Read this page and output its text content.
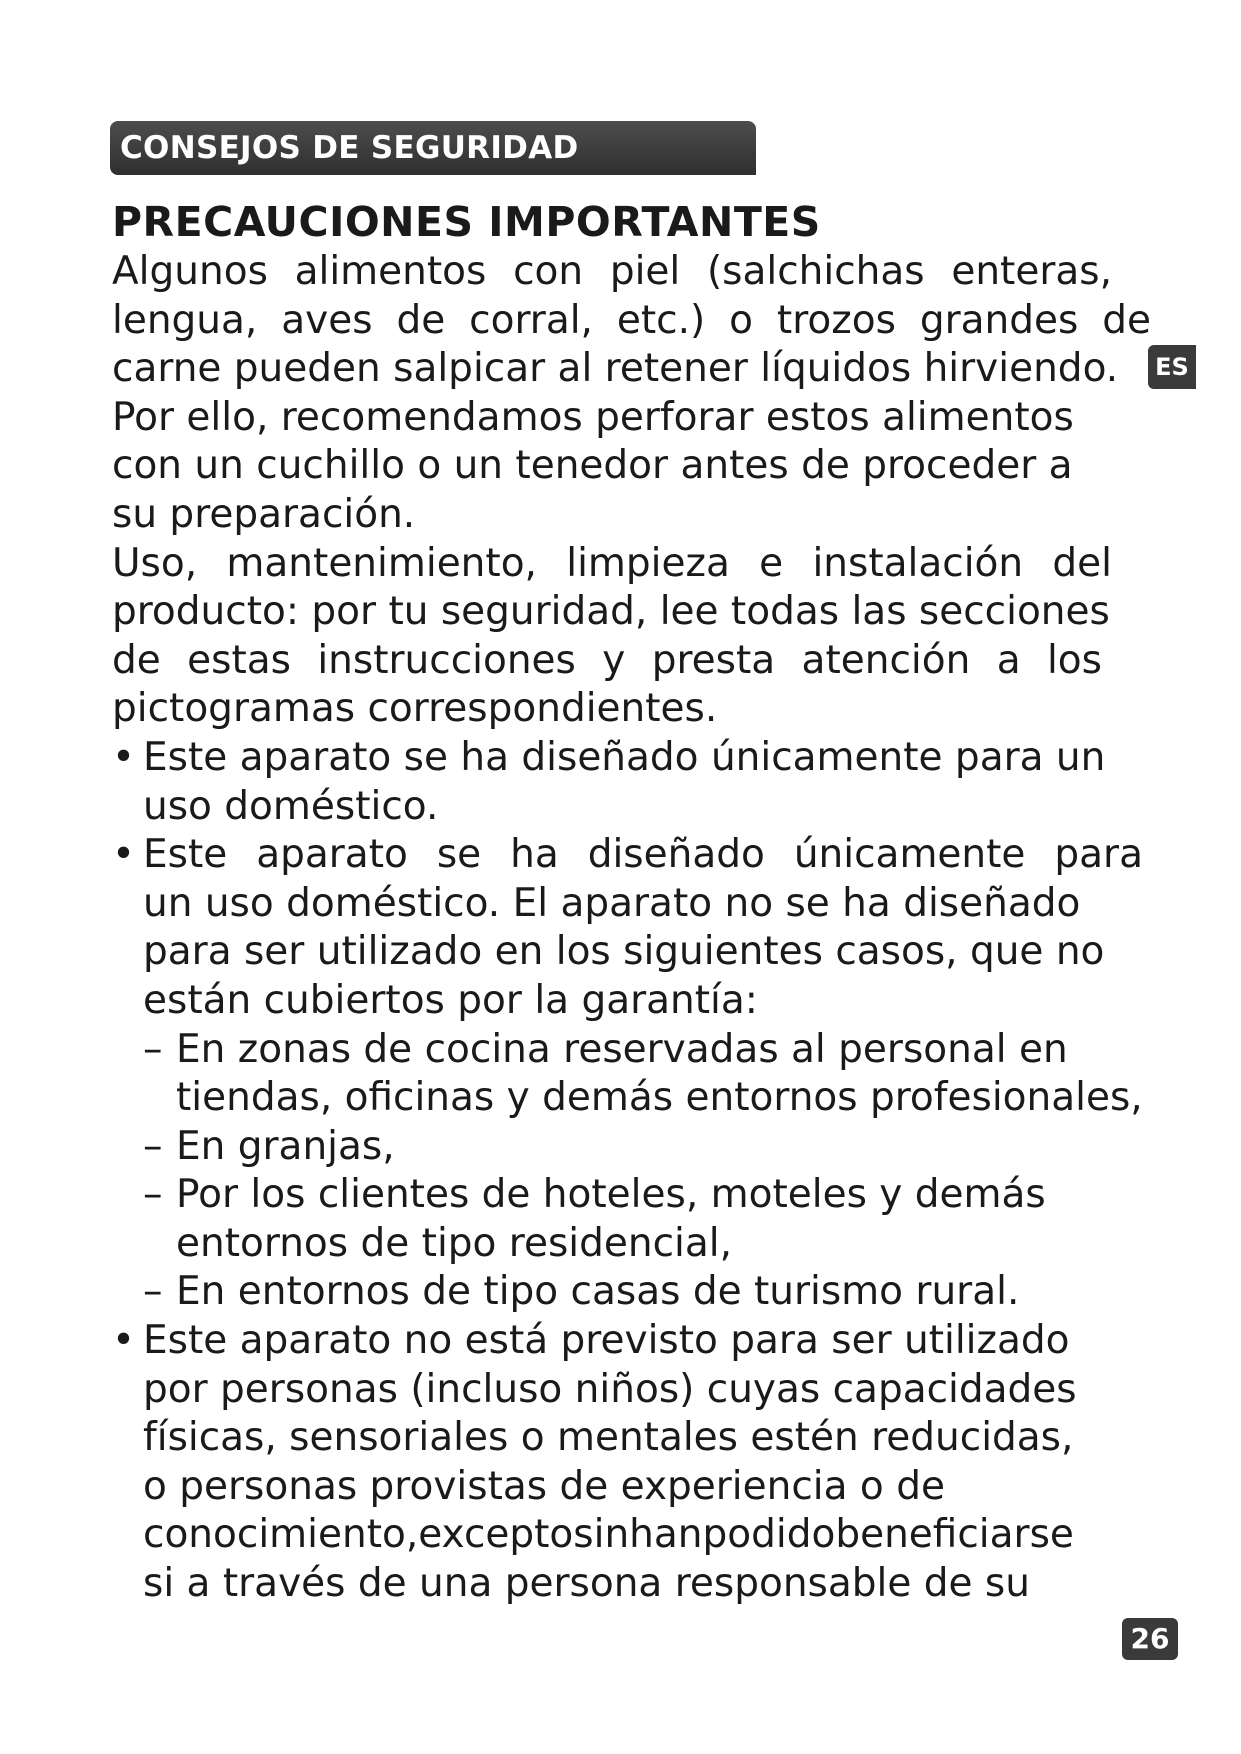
CONSEJOS DE SEGURIDAD
PRECAUCIONES IMPORTANTES
ES
Algunos alimentos con piel (salchichas enteras,
lengua, aves de corral, etc.) o trozos grandes de
carne pueden salpicar al retener líquidos hirviendo.
Por ello, recomendamos perforar estos alimentos
con un cuchillo o un tenedor antes de proceder a
su preparación.
Uso, mantenimiento, limpieza e instalación del
producto: por tu seguridad, lee todas las secciones
de estas instrucciones y presta atención a los
pictogramas correspondientes.
• Este aparato se ha diseñado únicamente para un
uso doméstico.
• Este aparato se ha diseñado únicamente para
un uso doméstico. El aparato no se ha diseñado
para ser utilizado en los siguientes casos, que no
están cubiertos por la garantía:
– En zonas de cocina reservadas al personal en
tiendas, oficinas y demás entornos profesionales,
– En granjas,
– Por los clientes de hoteles, moteles y demás
entornos de tipo residencial,
– En entornos de tipo casas de turismo rural.
• Este aparato no está previsto para ser utilizado
por personas (incluso niños) cuyas capacidades
físicas, sensoriales o mentales estén reducidas,
o personas provistas de experiencia o de
conocimiento,exceptosinhanpodidobeneficiarse
si a través de una persona responsable de su
26
